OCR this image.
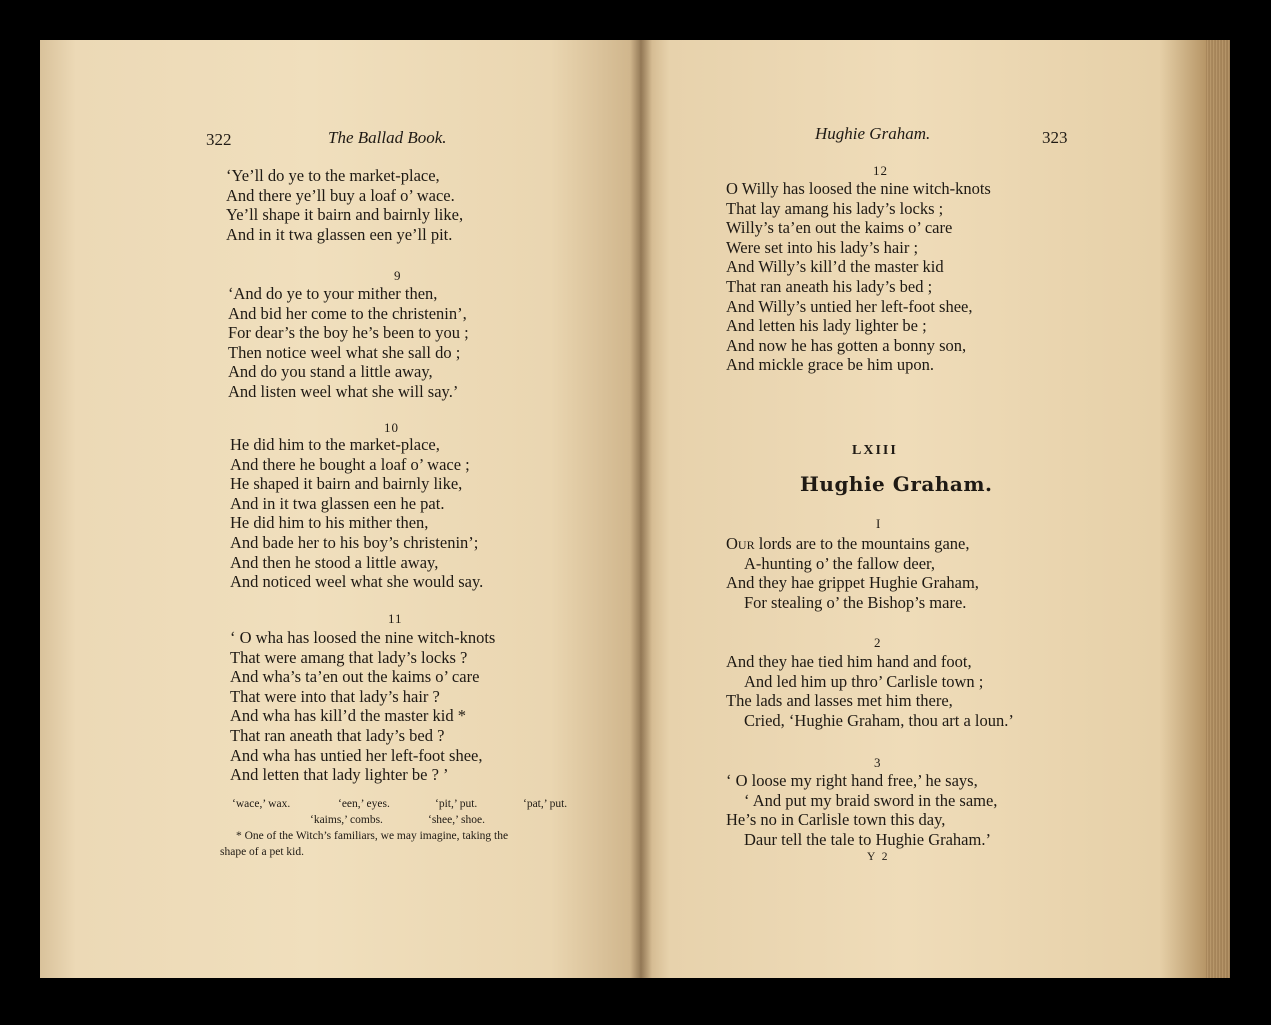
322	The Ballad Book.
‘Ye’ll do ye to the market-place,
And there ye’ll buy a loaf o’ wace.
Ye’ll shape it bairn and bairnly like,
And in it twa glassen een ye’ll pit.
9
‘And do ye to your mither then,
And bid her come to the christenin’,
For dear’s the boy he’s been to you ;
Then notice weel what she sall do ;
And do you stand a little away,
And listen weel what she will say.’
10
He did him to the market-place,
And there he bought a loaf o’ wace ;
He shaped it bairn and bairnly like,
And in it twa glassen een he pat.
He did him to his mither then,
And bade her to his boy’s christenin’;
And then he stood a little away,
And noticed weel what she would say.
11
‘ O wha has loosed the nine witch-knots
That were amang that lady’s locks ?
And wha’s ta’en out the kaims o’ care
That were into that lady’s hair ?
And wha has kill’d the master kid *
That ran aneath that lady’s bed ?
And wha has untied her left-foot shee,
And letten that lady lighter be ? ’
‘wace,’ wax.	‘een,’ eyes.	‘pit,’ put.	‘pat,’ put.
‘kaims,’ combs.	‘shee,’ shoe.
* One of the Witch’s familiars, we may imagine, taking the
shape of a pet kid.
Hughie Graham.	323
12
O Willy has loosed the nine witch-knots
That lay amang his lady’s locks ;
Willy’s ta’en out the kaims o’ care
Were set into his lady’s hair ;
And Willy’s kill’d the master kid
That ran aneath his lady’s bed ;
And Willy’s untied her left-foot shee,
And letten his lady lighter be ;
And now he has gotten a bonny son,
And mickle grace be him upon.
LXIII
Hughie Graham.
I
Our lords are to the mountains gane,
A-hunting o’ the fallow deer,
And they hae grippet Hughie Graham,
For stealing o’ the Bishop’s mare.
2
And they hae tied him hand and foot,
And led him up thro’ Carlisle town ;
The lads and lasses met him there,
Cried, ‘Hughie Graham, thou art a loun.’
3
‘ O loose my right hand free,’ he says,
‘ And put my braid sword in the same,
He’s no in Carlisle town this day,
Daur tell the tale to Hughie Graham.’
Y 2
